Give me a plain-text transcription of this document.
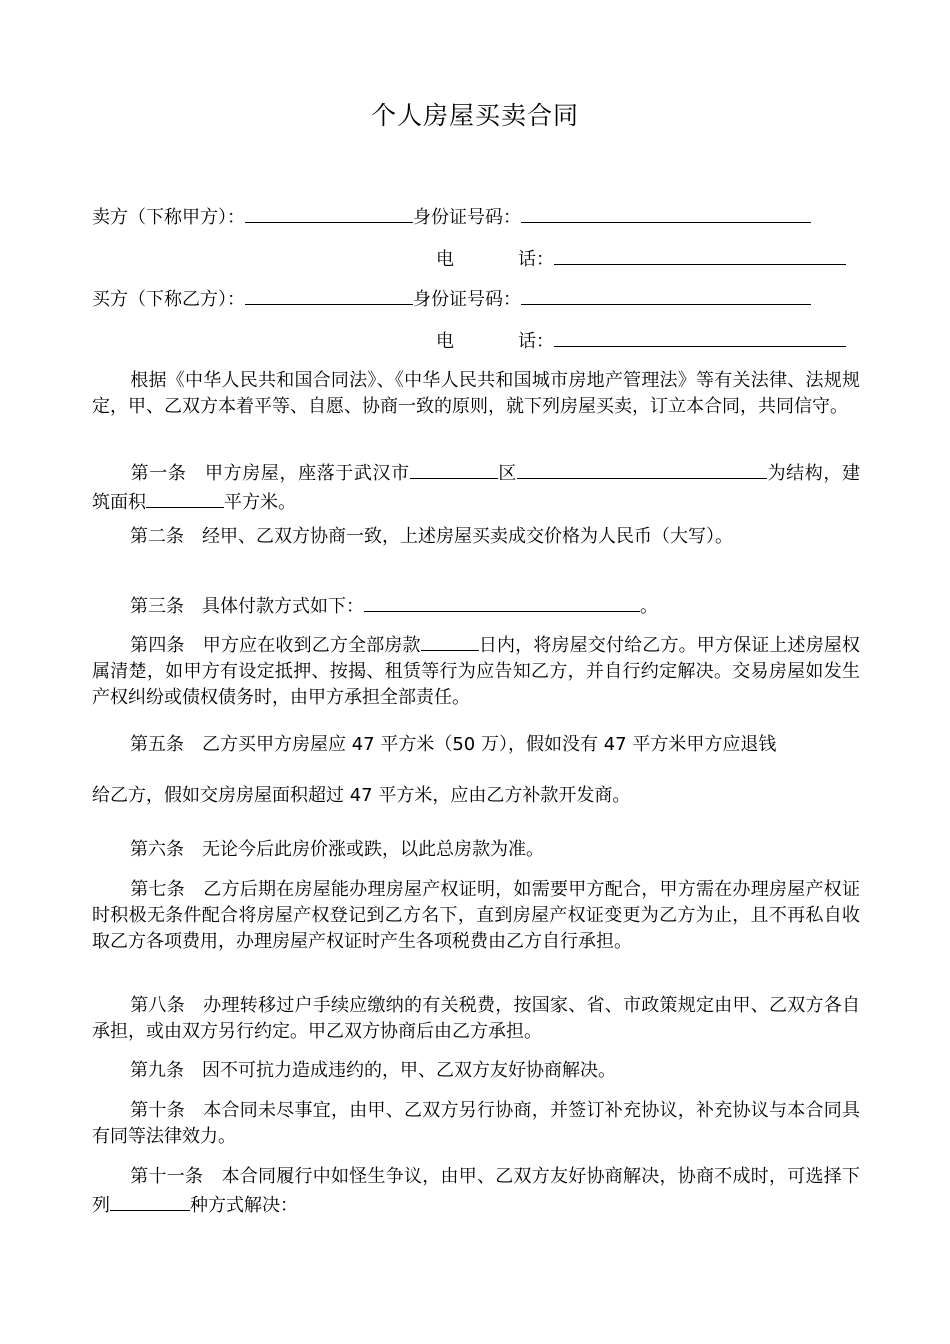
个人房屋买卖合同
卖方（下称甲方）：	身份证号码：
电	话：
买方（下称乙方）：	身份证号码：
电	话：
根据《中华人民共和国合同法》、《中华人民共和国城市房地产管理法》等有关法律、法规规定，甲、乙双方本着平等、自愿、协商一致的原则，就下列房屋买卖，订立本合同，共同信守。
第一条 甲方房屋，座落于武汉市	区	为结构，建筑面积	平方米。
第二条 经甲、乙双方协商一致，上述房屋买卖成交价格为人民币（大写）。
第三条 具体付款方式如下：	。
第四条 甲方应在收到乙方全部房款	日内，将房屋交付给乙方。甲方保证上述房屋权属清楚，如甲方有设定抵押、按揭、租赁等行为应告知乙方，并自行约定解决。交易房屋如发生产权纠纷或债权债务时，由甲方承担全部责任。
第五条 乙方买甲方房屋应 47 平方米（50 万），假如没有 47 平方米甲方应退钱
给乙方，假如交房房屋面积超过 47 平方米，应由乙方补款开发商。
第六条 无论今后此房价涨或跌，以此总房款为准。
第七条 乙方后期在房屋能办理房屋产权证明，如需要甲方配合，甲方需在办理房屋产权证时积极无条件配合将房屋产权登记到乙方名下，直到房屋产权证变更为乙方为止，且不再私自收取乙方各项费用，办理房屋产权证时产生各项税费由乙方自行承担。
第八条 办理转移过户手续应缴纳的有关税费，按国家、省、市政策规定由甲、乙双方各自承担，或由双方另行约定。甲乙双方协商后由乙方承担。
第九条 因不可抗力造成违约的，甲、乙双方友好协商解决。
第十条 本合同未尽事宜，由甲、乙双方另行协商，并签订补充协议，补充协议与本合同具有同等法律效力。
第十一条 本合同履行中如怪生争议，由甲、乙双方友好协商解决，协商不成时，可选择下列	种方式解决：
